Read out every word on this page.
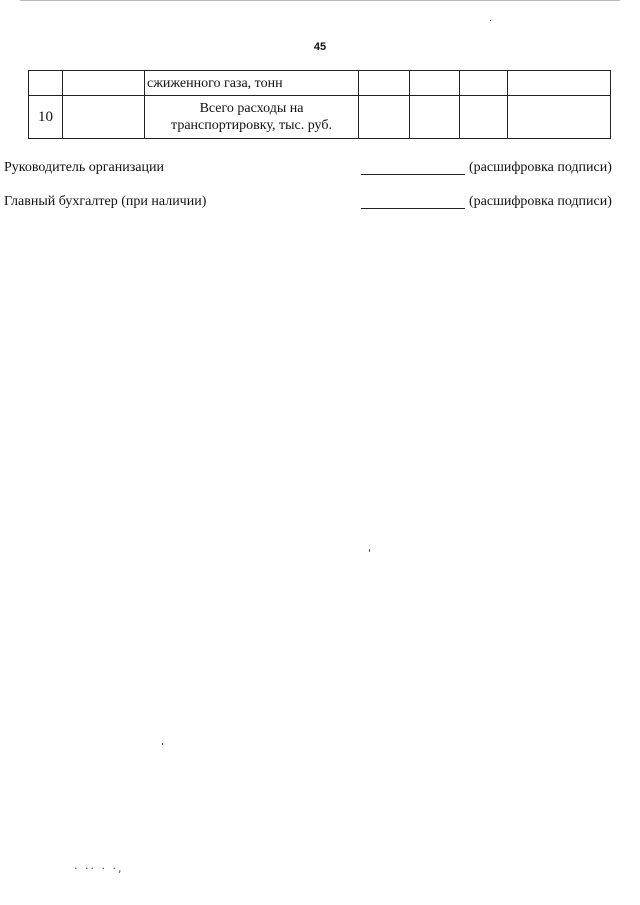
45
		сжиженного газа, тонн				
10		Всего расходы на
транспортировку, тыс. руб.				

Руководитель организации	(расшифровка подписи)
Главный бухгалтер (при наличии)	(расшифровка подписи)
· ·· · ·,
